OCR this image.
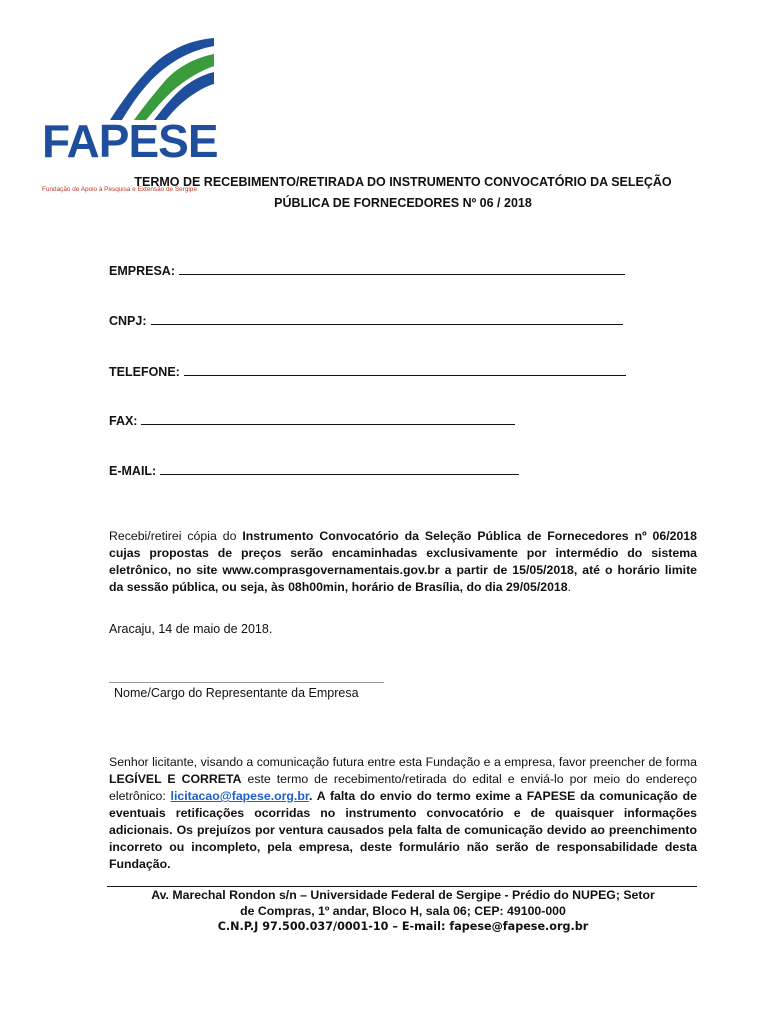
FAPESE
Fundação de Apoio à Pesquisa e Extensão de Sergipe
TERMO DE RECEBIMENTO/RETIRADA DO INSTRUMENTO CONVOCATÓRIO DA SELEÇÃO
PÚBLICA DE FORNECEDORES Nº 06 / 2018
EMPRESA:
CNPJ:
TELEFONE:
FAX:
E-MAIL:
Recebi/retirei cópia do Instrumento Convocatório da Seleção Pública de Fornecedores nº 06/2018 cujas propostas de preços serão encaminhadas exclusivamente por intermédio do sistema eletrônico, no site www.comprasgovernamentais.gov.br a partir de 15/05/2018, até o horário limite da sessão pública, ou seja, às 08h00min, horário de Brasília, do dia 29/05/2018.
Aracaju, 14 de maio de 2018.
Nome/Cargo do Representante da Empresa
Senhor licitante, visando a comunicação futura entre esta Fundação e a empresa, favor preencher de forma LEGÍVEL E CORRETA este termo de recebimento/retirada do edital e enviá-lo por meio do endereço eletrônico: licitacao@fapese.org.br. A falta do envio do termo exime a FAPESE da comunicação de eventuais retificações ocorridas no instrumento convocatório e de quaisquer informações adicionais. Os prejuízos por ventura causados pela falta de comunicação devido ao preenchimento incorreto ou incompleto, pela empresa, deste formulário não serão de responsabilidade desta Fundação.
Av. Marechal Rondon s/n – Universidade Federal de Sergipe - Prédio do NUPEG; Setor
de Compras, 1º andar, Bloco H, sala 06; CEP: 49100-000
C.N.P.J 97.500.037/0001-10 – E-mail: fapese@fapese.org.br
